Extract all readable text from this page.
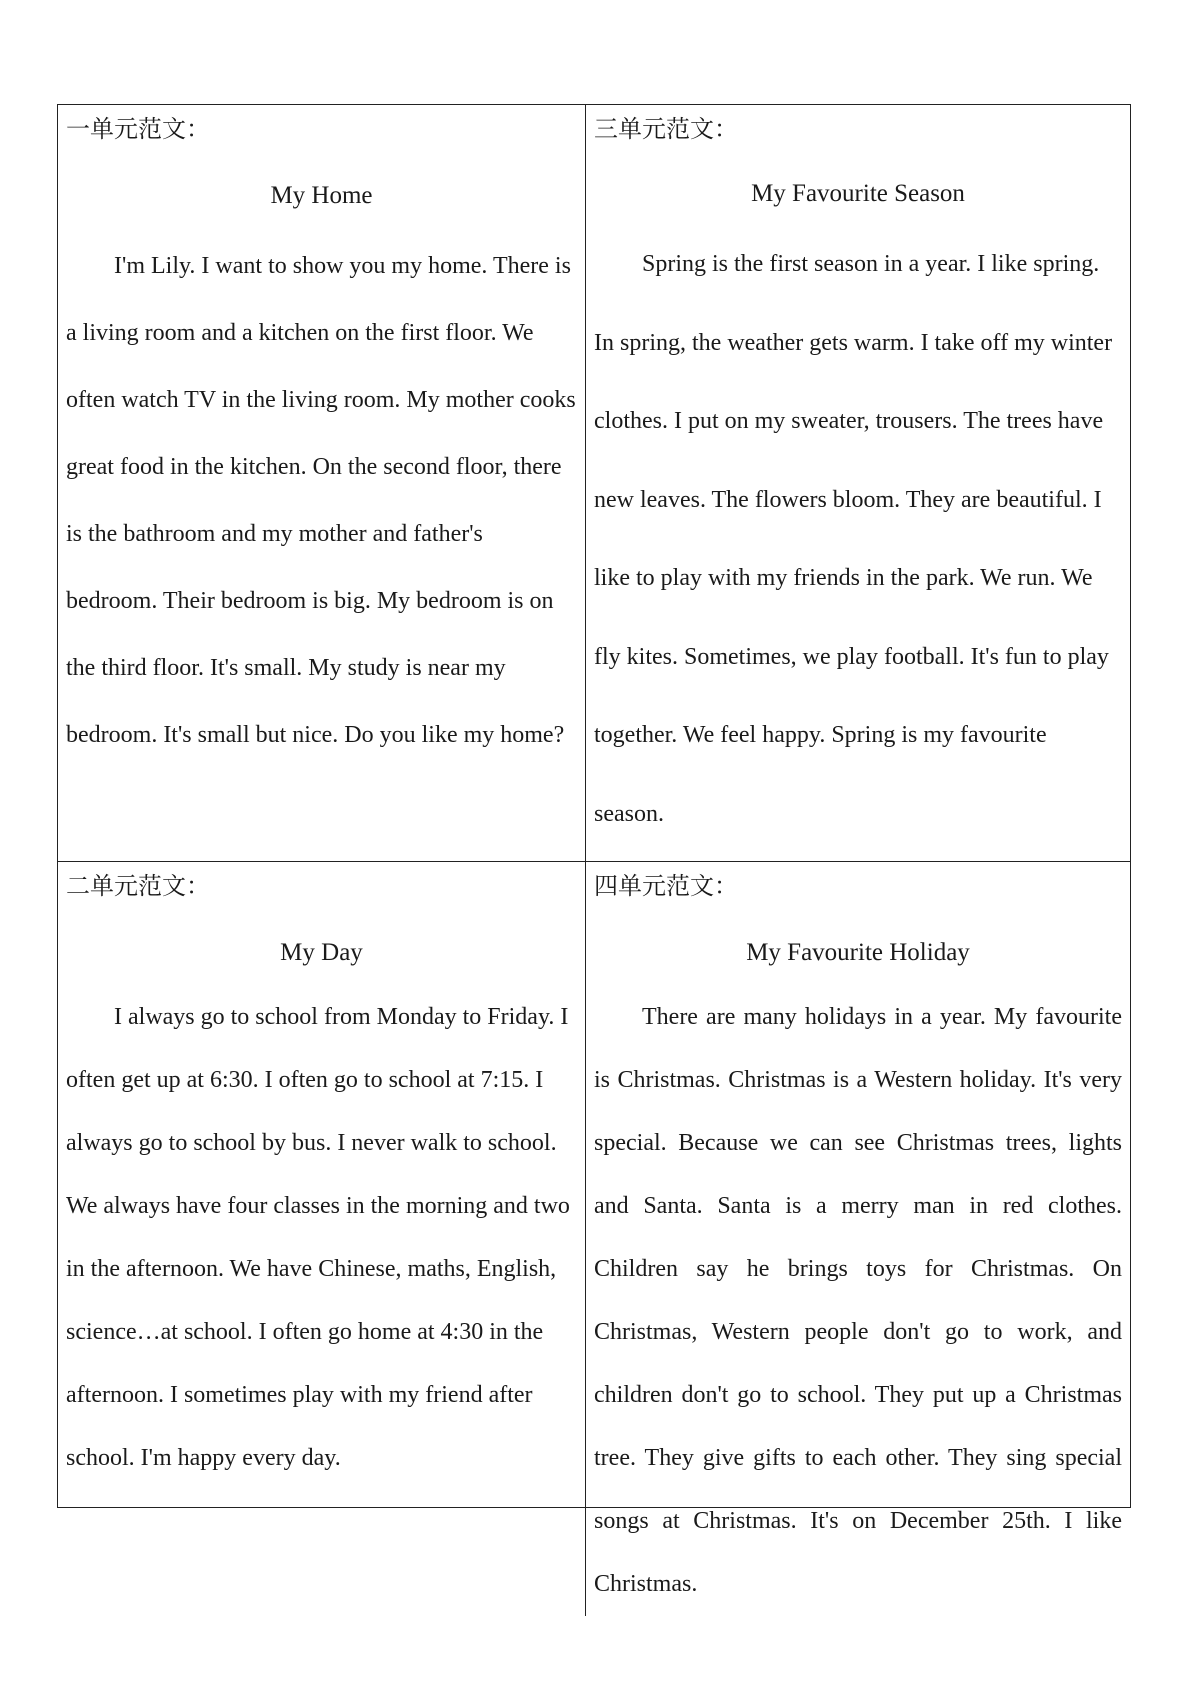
一单元范文：

My Home

I'm Lily. I want to show you my home. There is a living room and a kitchen on the first floor. We often watch TV in the living room. My mother cooks great food in the kitchen. On the second floor, there is the bathroom and my mother and father's bedroom. Their bedroom is big. My bedroom is on the third floor. It's small. My study is near my bedroom. It's small but nice. Do you like my home?

三单元范文：

My Favourite Season

Spring is the first season in a year. I like spring. In spring, the weather gets warm. I take off my winter clothes. I put on my sweater, trousers. The trees have new leaves. The flowers bloom. They are beautiful. I like to play with my friends in the park. We run. We fly kites. Sometimes, we play football. It's fun to play together. We feel happy. Spring is my favourite season.

二单元范文：

My Day

I always go to school from Monday to Friday. I often get up at 6:30. I often go to school at 7:15. I always go to school by bus. I never walk to school. We always have four classes in the morning and two in the afternoon. We have Chinese, maths, English, science…at school. I often go home at 4:30 in the afternoon. I sometimes play with my friend after school. I'm happy every day.

四单元范文：

My Favourite Holiday

There are many holidays in a year. My favourite is Christmas. Christmas is a Western holiday. It's very special. Because we can see Christmas trees, lights and Santa. Santa is a merry man in red clothes. Children say he brings toys for Christmas. On Christmas, Western people don't go to work, and children don't go to school. They put up a Christmas tree. They give gifts to each other. They sing special songs at Christmas. It's on December 25th. I like Christmas.
